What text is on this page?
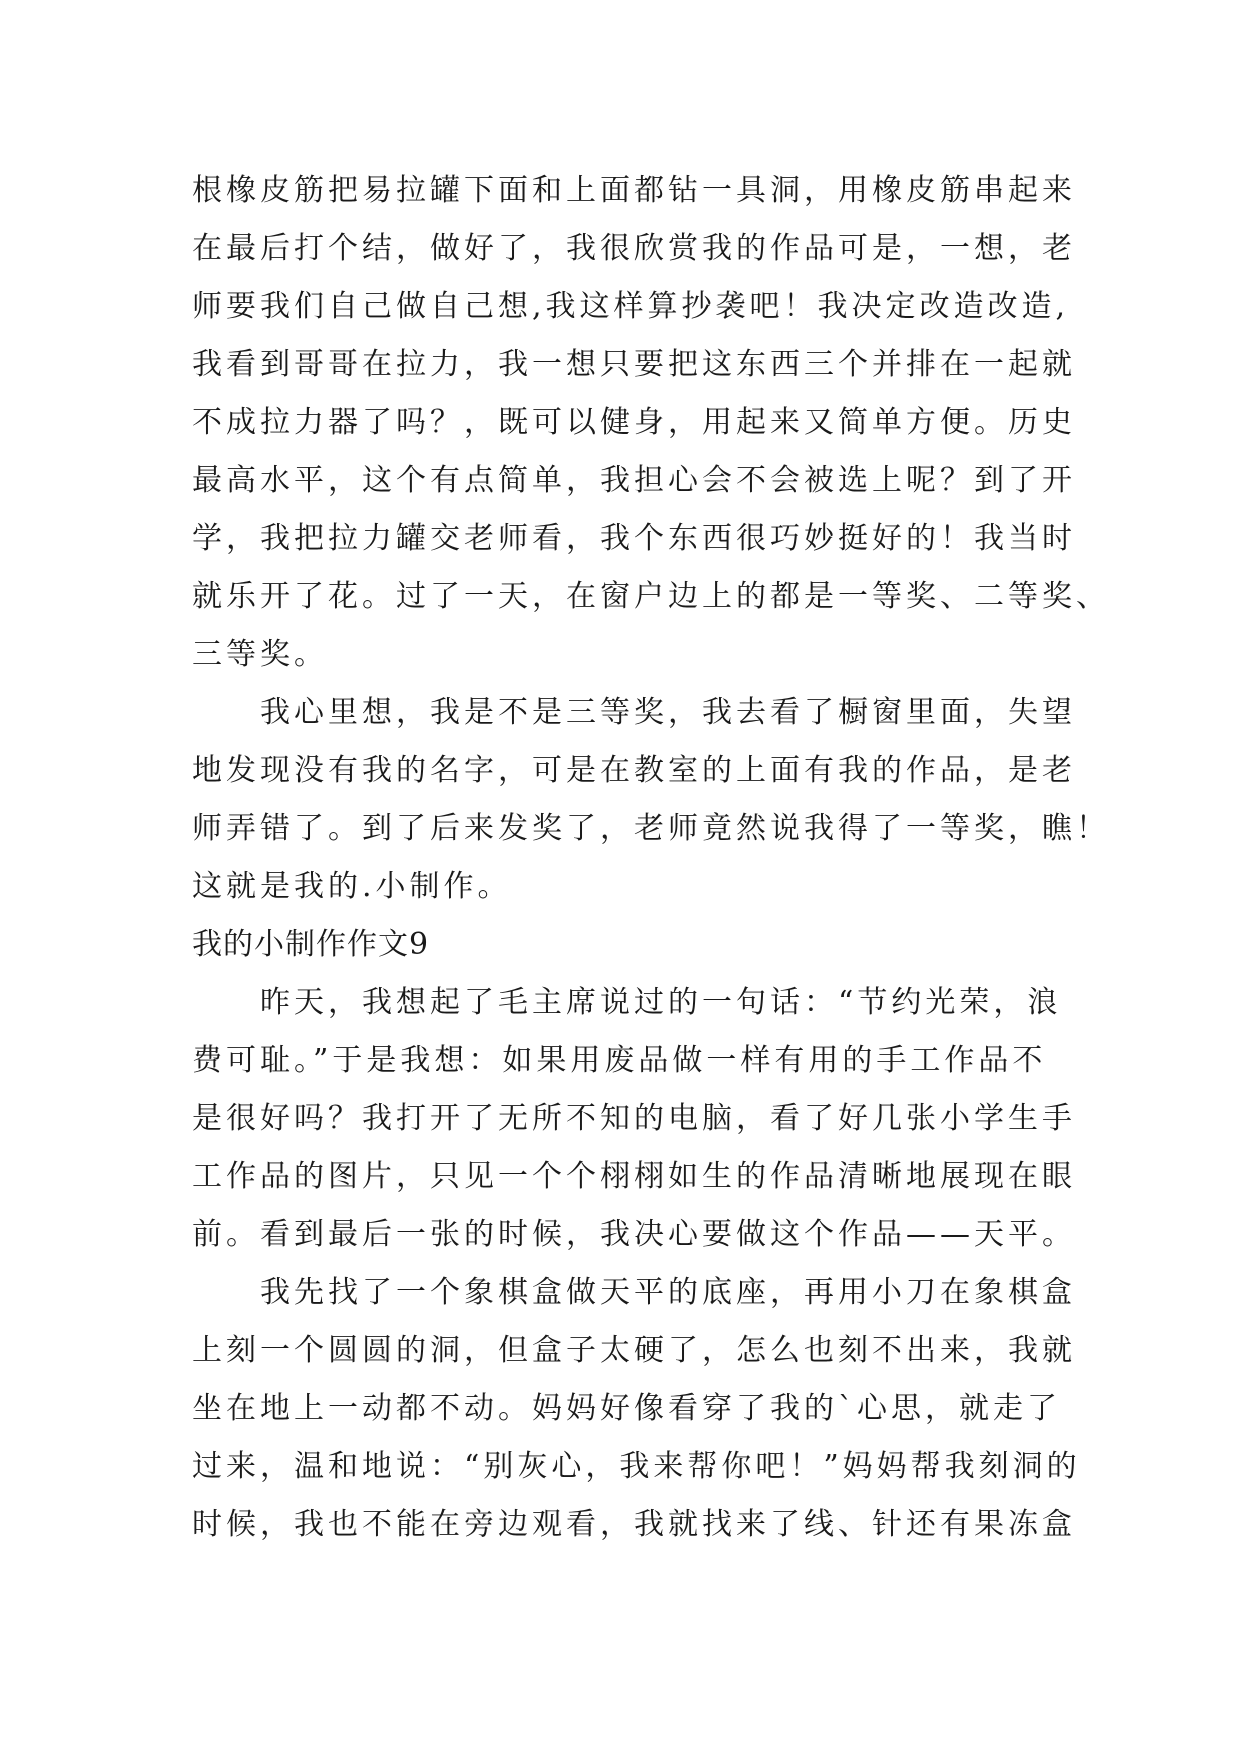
根橡皮筋把易拉罐下面和上面都钻一具洞，用橡皮筋串起来
在最后打个结，做好了，我很欣赏我的作品可是，一想，老
师要我们自己做自己想,我这样算抄袭吧！我决定改造改造,
我看到哥哥在拉力，我一想只要把这东西三个并排在一起就
不成拉力器了吗？，既可以健身，用起来又简单方便。历史
最高水平，这个有点简单，我担心会不会被选上呢？到了开
学，我把拉力罐交老师看，我个东西很巧妙挺好的！我当时
就乐开了花。过了一天，在窗户边上的都是一等奖、二等奖、
三等奖。
我心里想，我是不是三等奖，我去看了橱窗里面，失望
地发现没有我的名字，可是在教室的上面有我的作品，是老
师弄错了。到了后来发奖了，老师竟然说我得了一等奖，瞧！
这就是我的.小制作。
我的小制作作文9
昨天，我想起了毛主席说过的一句话：“节约光荣，浪
费可耻。”于是我想：如果用废品做一样有用的手工作品不
是很好吗？我打开了无所不知的电脑，看了好几张小学生手
工作品的图片，只见一个个栩栩如生的作品清晰地展现在眼
前。看到最后一张的时候，我决心要做这个作品——天平。
我先找了一个象棋盒做天平的底座，再用小刀在象棋盒
上刻一个圆圆的洞，但盒子太硬了，怎么也刻不出来，我就
坐在地上一动都不动。妈妈好像看穿了我的`心思，就走了
过来，温和地说：“别灰心，我来帮你吧！”妈妈帮我刻洞的
时候，我也不能在旁边观看，我就找来了线、针还有果冻盒
